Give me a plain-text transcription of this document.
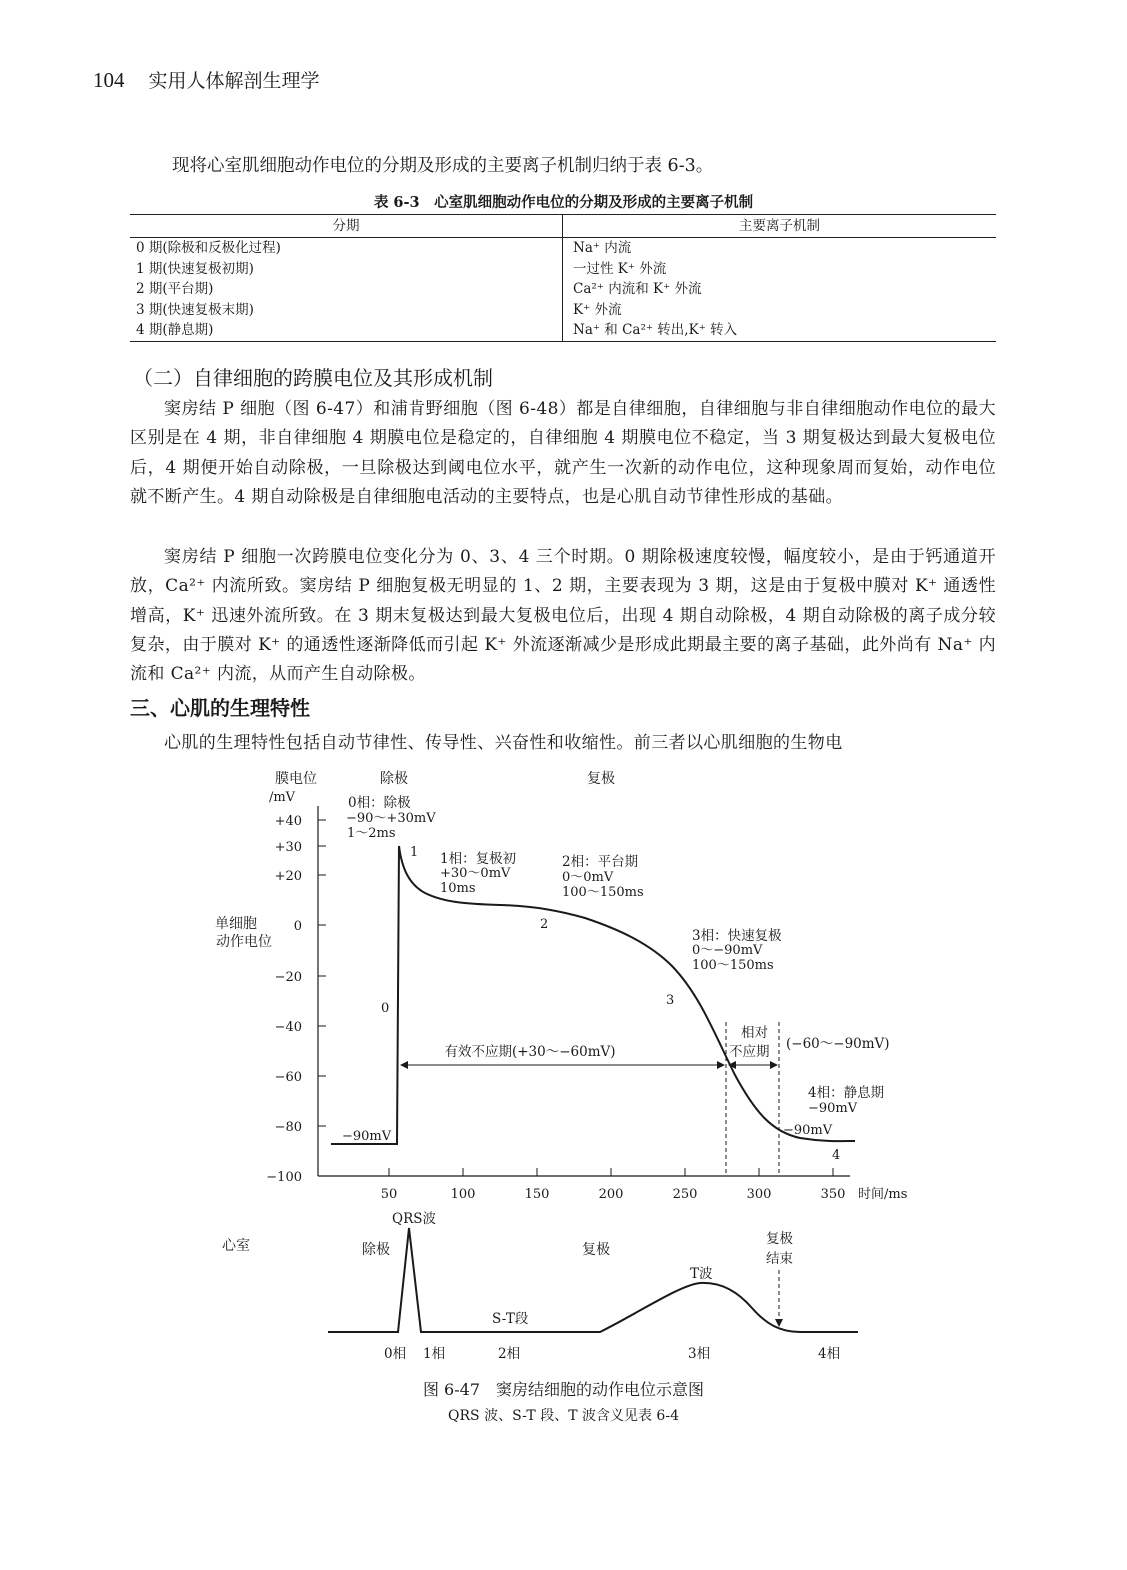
104 实用人体解剖生理学
现将心室肌细胞动作电位的分期及形成的主要离子机制归纳于表 6-3。
表 6-3　心室肌细胞动作电位的分期及形成的主要离子机制
分期	主要离子机制
0 期(除极和反极化过程)	Na⁺ 内流
1 期(快速复极初期)	一过性 K⁺ 外流
2 期(平台期)	Ca²⁺ 内流和 K⁺ 外流
3 期(快速复极末期)	K⁺ 外流
4 期(静息期)	Na⁺ 和 Ca²⁺ 转出,K⁺ 转入
（二）自律细胞的跨膜电位及其形成机制
窦房结 P 细胞（图 6-47）和浦肯野细胞（图 6-48）都是自律细胞，自律细胞与非自律细胞动作电位的最大区别是在 4 期，非自律细胞 4 期膜电位是稳定的，自律细胞 4 期膜电位不稳定，当 3 期复极达到最大复极电位后，4 期便开始自动除极，一旦除极达到阈电位水平，就产生一次新的动作电位，这种现象周而复始，动作电位就不断产生。4 期自动除极是自律细胞电活动的主要特点，也是心肌自动节律性形成的基础。
窦房结 P 细胞一次跨膜电位变化分为 0、3、4 三个时期。0 期除极速度较慢，幅度较小，是由于钙通道开放，Ca²⁺ 内流所致。窦房结 P 细胞复极无明显的 1、2 期，主要表现为 3 期，这是由于复极中膜对 K⁺ 通透性增高，K⁺ 迅速外流所致。在 3 期末复极达到最大复极电位后，出现 4 期自动除极，4 期自动除极的离子成分较复杂，由于膜对 K⁺ 的通透性逐渐降低而引起 K⁺ 外流逐渐减少是形成此期最主要的离子基础，此外尚有 Na⁺ 内流和 Ca²⁺ 内流，从而产生自动除极。
三、心肌的生理特性
心肌的生理特性包括自动节律性、传导性、兴奋性和收缩性。前三者以心肌细胞的生物电
膜电位
/mV
除极	复极
单细胞
动作电位
+40
+30
+20
0
−20
−40
−60
−80
−100
50	100	150	200	250	300	350 时间/ms
0相：除极
−90～+30mV
1～2ms
1相：复极初
+30～0mV
10ms
2相：平台期
0～0mV
100～150ms
3相：快速复极
0～−90mV
100～150ms
4相：静息期
−90mV
0
1
2
3
4
−90mV	−90mV
有效不应期(+30～−60mV)
相对
不应期 (−60～−90mV)
心室
QRS波
除极	复极
T波
复极
结束
S-T段
0相 1相	2相	3相	4相
图 6-47　窦房结细胞的动作电位示意图
QRS 波、S-T 段、T 波含义见表 6-4
